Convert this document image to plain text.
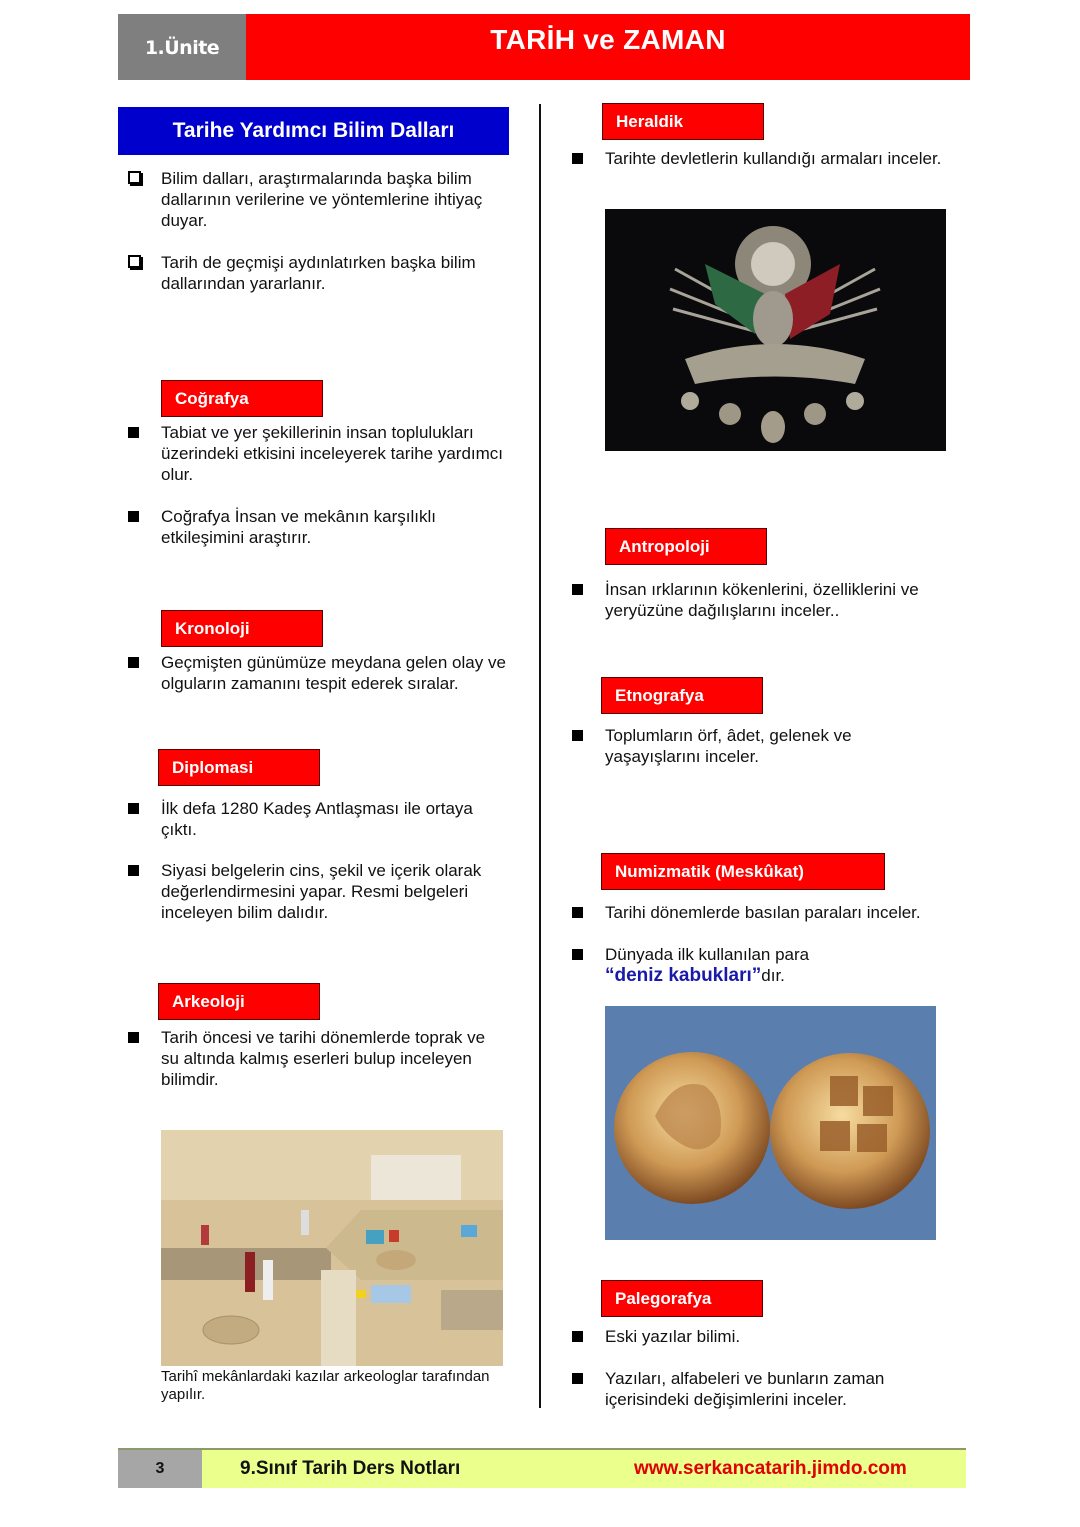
1.Ünite	TARİH ve ZAMAN
Tarihe Yardımcı Bilim Dalları
Bilim dalları, araştırmalarında başka bilim dallarının verilerine ve yöntemlerine ihtiyaç duyar.
Tarih de geçmişi aydınlatırken başka bilim dallarından yararlanır.
Coğrafya
Tabiat ve yer şekillerinin insan toplulukları üzerindeki etkisini inceleyerek tarihe yardımcı olur.
Coğrafya İnsan ve mekânın karşılıklı etkileşimini araştırır.
Kronoloji
Geçmişten günümüze meydana gelen olay ve olguların zamanını tespit ederek sıralar.
Diplomasi
İlk defa 1280 Kadeş Antlaşması ile ortaya çıktı.
Siyasi belgelerin cins, şekil ve içerik olarak değerlendirmesini yapar. Resmi belgeleri inceleyen bilim dalıdır.
Arkeoloji
Tarih öncesi ve tarihi dönemlerde toprak ve su altında kalmış eserleri bulup inceleyen bilimdir.
Tarihî mekânlardaki kazılar arkeologlar tarafından yapılır.
Heraldik
Tarihte devletlerin kullandığı armaları inceler.
Antropoloji
İnsan ırklarının kökenlerini, özelliklerini ve yeryüzüne dağılışlarını inceler..
Etnografya
Toplumların örf, âdet, gelenek ve yaşayışlarını inceler.
Numizmatik (Meskûkat)
Tarihi dönemlerde basılan paraları inceler.
Dünyada ilk kullanılan para
“deniz kabukları”dır.
Palegorafya
Eski yazılar bilimi.
Yazıları, alfabeleri ve bunların zaman içerisindeki değişimlerini inceler.
3	9.Sınıf Tarih Ders Notları	www.serkancatarih.jimdo.com
